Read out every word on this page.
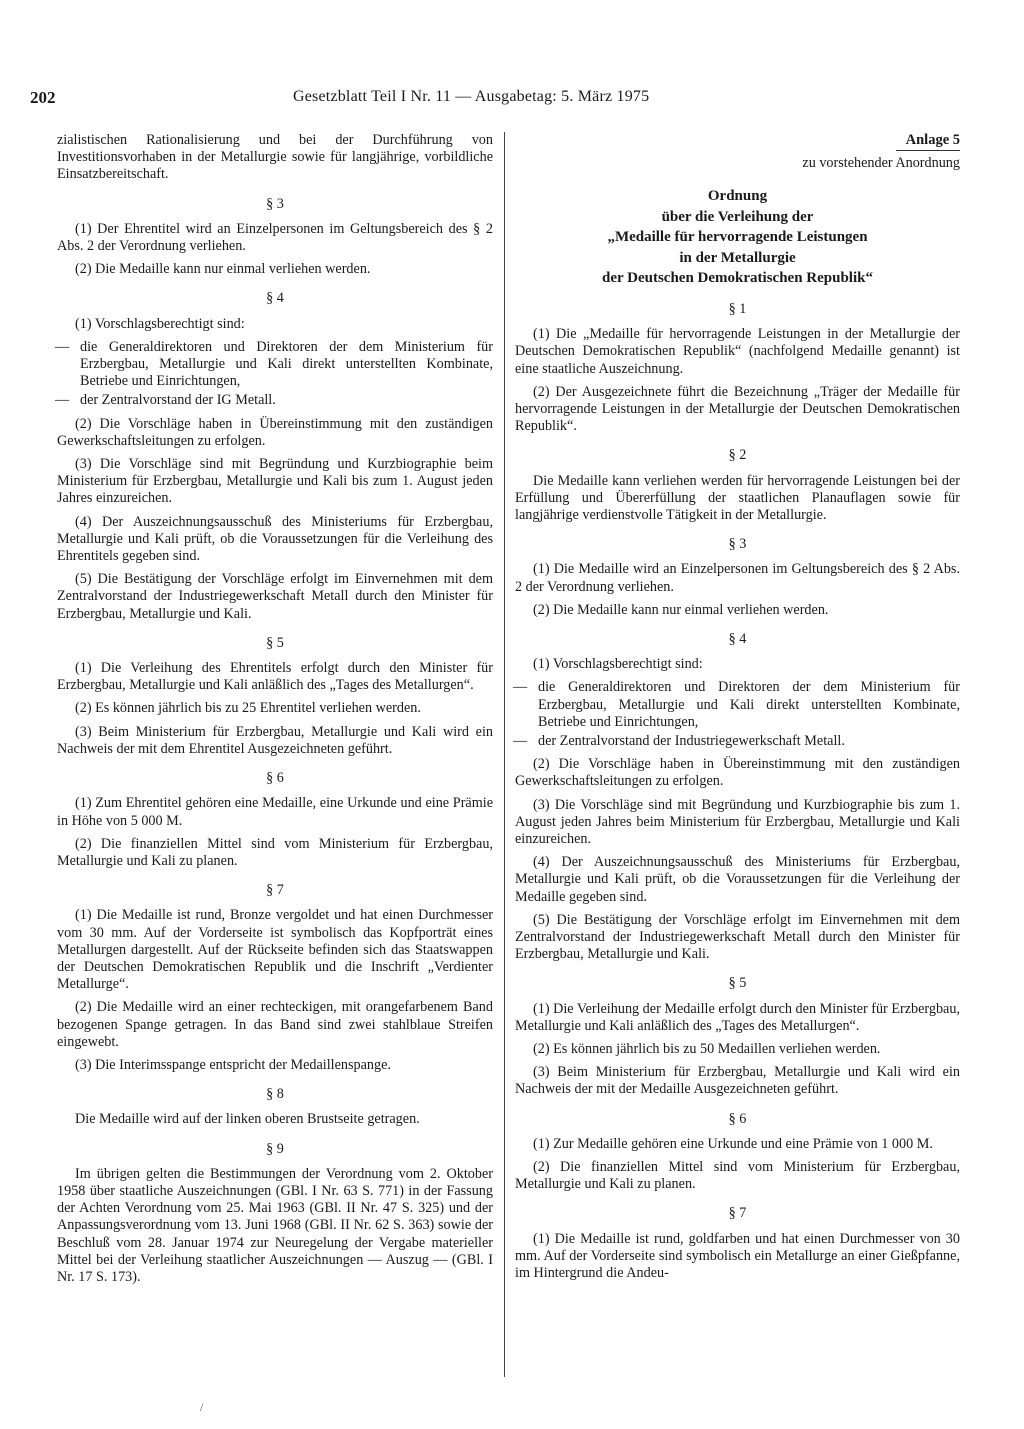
202	Gesetzblatt Teil I Nr. 11 — Ausgabetag: 5. März 1975

zialistischen Rationalisierung und bei der Durchführung von Investitionsvorhaben in der Metallurgie sowie für langjährige, vorbildliche Einsatzbereitschaft.

§ 3

(1) Der Ehrentitel wird an Einzelpersonen im Geltungsbereich des § 2 Abs. 2 der Verordnung verliehen.

(2) Die Medaille kann nur einmal verliehen werden.

§ 4

(1) Vorschlagsberechtigt sind:

— die Generaldirektoren und Direktoren der dem Ministerium für Erzbergbau, Metallurgie und Kali direkt unterstellten Kombinate, Betriebe und Einrichtungen,
— der Zentralvorstand der IG Metall.

(2) Die Vorschläge haben in Übereinstimmung mit den zuständigen Gewerkschaftsleitungen zu erfolgen.

(3) Die Vorschläge sind mit Begründung und Kurzbiographie beim Ministerium für Erzbergbau, Metallurgie und Kali bis zum 1. August jeden Jahres einzureichen.

(4) Der Auszeichnungsausschuß des Ministeriums für Erzbergbau, Metallurgie und Kali prüft, ob die Voraussetzungen für die Verleihung des Ehrentitels gegeben sind.

(5) Die Bestätigung der Vorschläge erfolgt im Einvernehmen mit dem Zentralvorstand der Industriegewerkschaft Metall durch den Minister für Erzbergbau, Metallurgie und Kali.

§ 5

(1) Die Verleihung des Ehrentitels erfolgt durch den Minister für Erzbergbau, Metallurgie und Kali anläßlich des „Tages des Metallurgen“.

(2) Es können jährlich bis zu 25 Ehrentitel verliehen werden.

(3) Beim Ministerium für Erzbergbau, Metallurgie und Kali wird ein Nachweis der mit dem Ehrentitel Ausgezeichneten geführt.

§ 6

(1) Zum Ehrentitel gehören eine Medaille, eine Urkunde und eine Prämie in Höhe von 5 000 M.

(2) Die finanziellen Mittel sind vom Ministerium für Erzbergbau, Metallurgie und Kali zu planen.

§ 7

(1) Die Medaille ist rund, Bronze vergoldet und hat einen Durchmesser vom 30 mm. Auf der Vorderseite ist symbolisch das Kopfporträt eines Metallurgen dargestellt. Auf der Rückseite befinden sich das Staatswappen der Deutschen Demokratischen Republik und die Inschrift „Verdienter Metallurge“.

(2) Die Medaille wird an einer rechteckigen, mit orangefarbenem Band bezogenen Spange getragen. In das Band sind zwei stahlblaue Streifen eingewebt.

(3) Die Interimsspange entspricht der Medaillenspange.

§ 8

Die Medaille wird auf der linken oberen Brustseite getragen.

§ 9

Im übrigen gelten die Bestimmungen der Verordnung vom 2. Oktober 1958 über staatliche Auszeichnungen (GBl. I Nr. 63 S. 771) in der Fassung der Achten Verordnung vom 25. Mai 1963 (GBl. II Nr. 47 S. 325) und der Anpassungsverordnung vom 13. Juni 1968 (GBl. II Nr. 62 S. 363) sowie der Beschluß vom 28. Januar 1974 zur Neuregelung der Vergabe materieller Mittel bei der Verleihung staatlicher Auszeichnungen — Auszug — (GBl. I Nr. 17 S. 173).

Anlage 5

zu vorstehender Anordnung

Ordnung
über die Verleihung der
„Medaille für hervorragende Leistungen
in der Metallurgie
der Deutschen Demokratischen Republik“
§ 1

(1) Die „Medaille für hervorragende Leistungen in der Metallurgie der Deutschen Demokratischen Republik“ (nachfolgend Medaille genannt) ist eine staatliche Auszeichnung.

(2) Der Ausgezeichnete führt die Bezeichnung „Träger der Medaille für hervorragende Leistungen in der Metallurgie der Deutschen Demokratischen Republik“.

§ 2

Die Medaille kann verliehen werden für hervorragende Leistungen bei der Erfüllung und Übererfüllung der staatlichen Planauflagen sowie für langjährige verdienstvolle Tätigkeit in der Metallurgie.

§ 3

(1) Die Medaille wird an Einzelpersonen im Geltungsbereich des § 2 Abs. 2 der Verordnung verliehen.

(2) Die Medaille kann nur einmal verliehen werden.

§ 4

(1) Vorschlagsberechtigt sind:

— die Generaldirektoren und Direktoren der dem Ministerium für Erzbergbau, Metallurgie und Kali direkt unterstellten Kombinate, Betriebe und Einrichtungen,
— der Zentralvorstand der Industriegewerkschaft Metall.

(2) Die Vorschläge haben in Übereinstimmung mit den zuständigen Gewerkschaftsleitungen zu erfolgen.

(3) Die Vorschläge sind mit Begründung und Kurzbiographie bis zum 1. August jeden Jahres beim Ministerium für Erzbergbau, Metallurgie und Kali einzureichen.

(4) Der Auszeichnungsausschuß des Ministeriums für Erzbergbau, Metallurgie und Kali prüft, ob die Voraussetzungen für die Verleihung der Medaille gegeben sind.

(5) Die Bestätigung der Vorschläge erfolgt im Einvernehmen mit dem Zentralvorstand der Industriegewerkschaft Metall durch den Minister für Erzbergbau, Metallurgie und Kali.

§ 5

(1) Die Verleihung der Medaille erfolgt durch den Minister für Erzbergbau, Metallurgie und Kali anläßlich des „Tages des Metallurgen“.

(2) Es können jährlich bis zu 50 Medaillen verliehen werden.

(3) Beim Ministerium für Erzbergbau, Metallurgie und Kali wird ein Nachweis der mit der Medaille Ausgezeichneten geführt.

§ 6

(1) Zur Medaille gehören eine Urkunde und eine Prämie von 1 000 M.

(2) Die finanziellen Mittel sind vom Ministerium für Erzbergbau, Metallurgie und Kali zu planen.

§ 7

(1) Die Medaille ist rund, goldfarben und hat einen Durchmesser von 30 mm. Auf der Vorderseite sind symbolisch ein Metallurge an einer Gießpfanne, im Hintergrund die Andeu-

/
